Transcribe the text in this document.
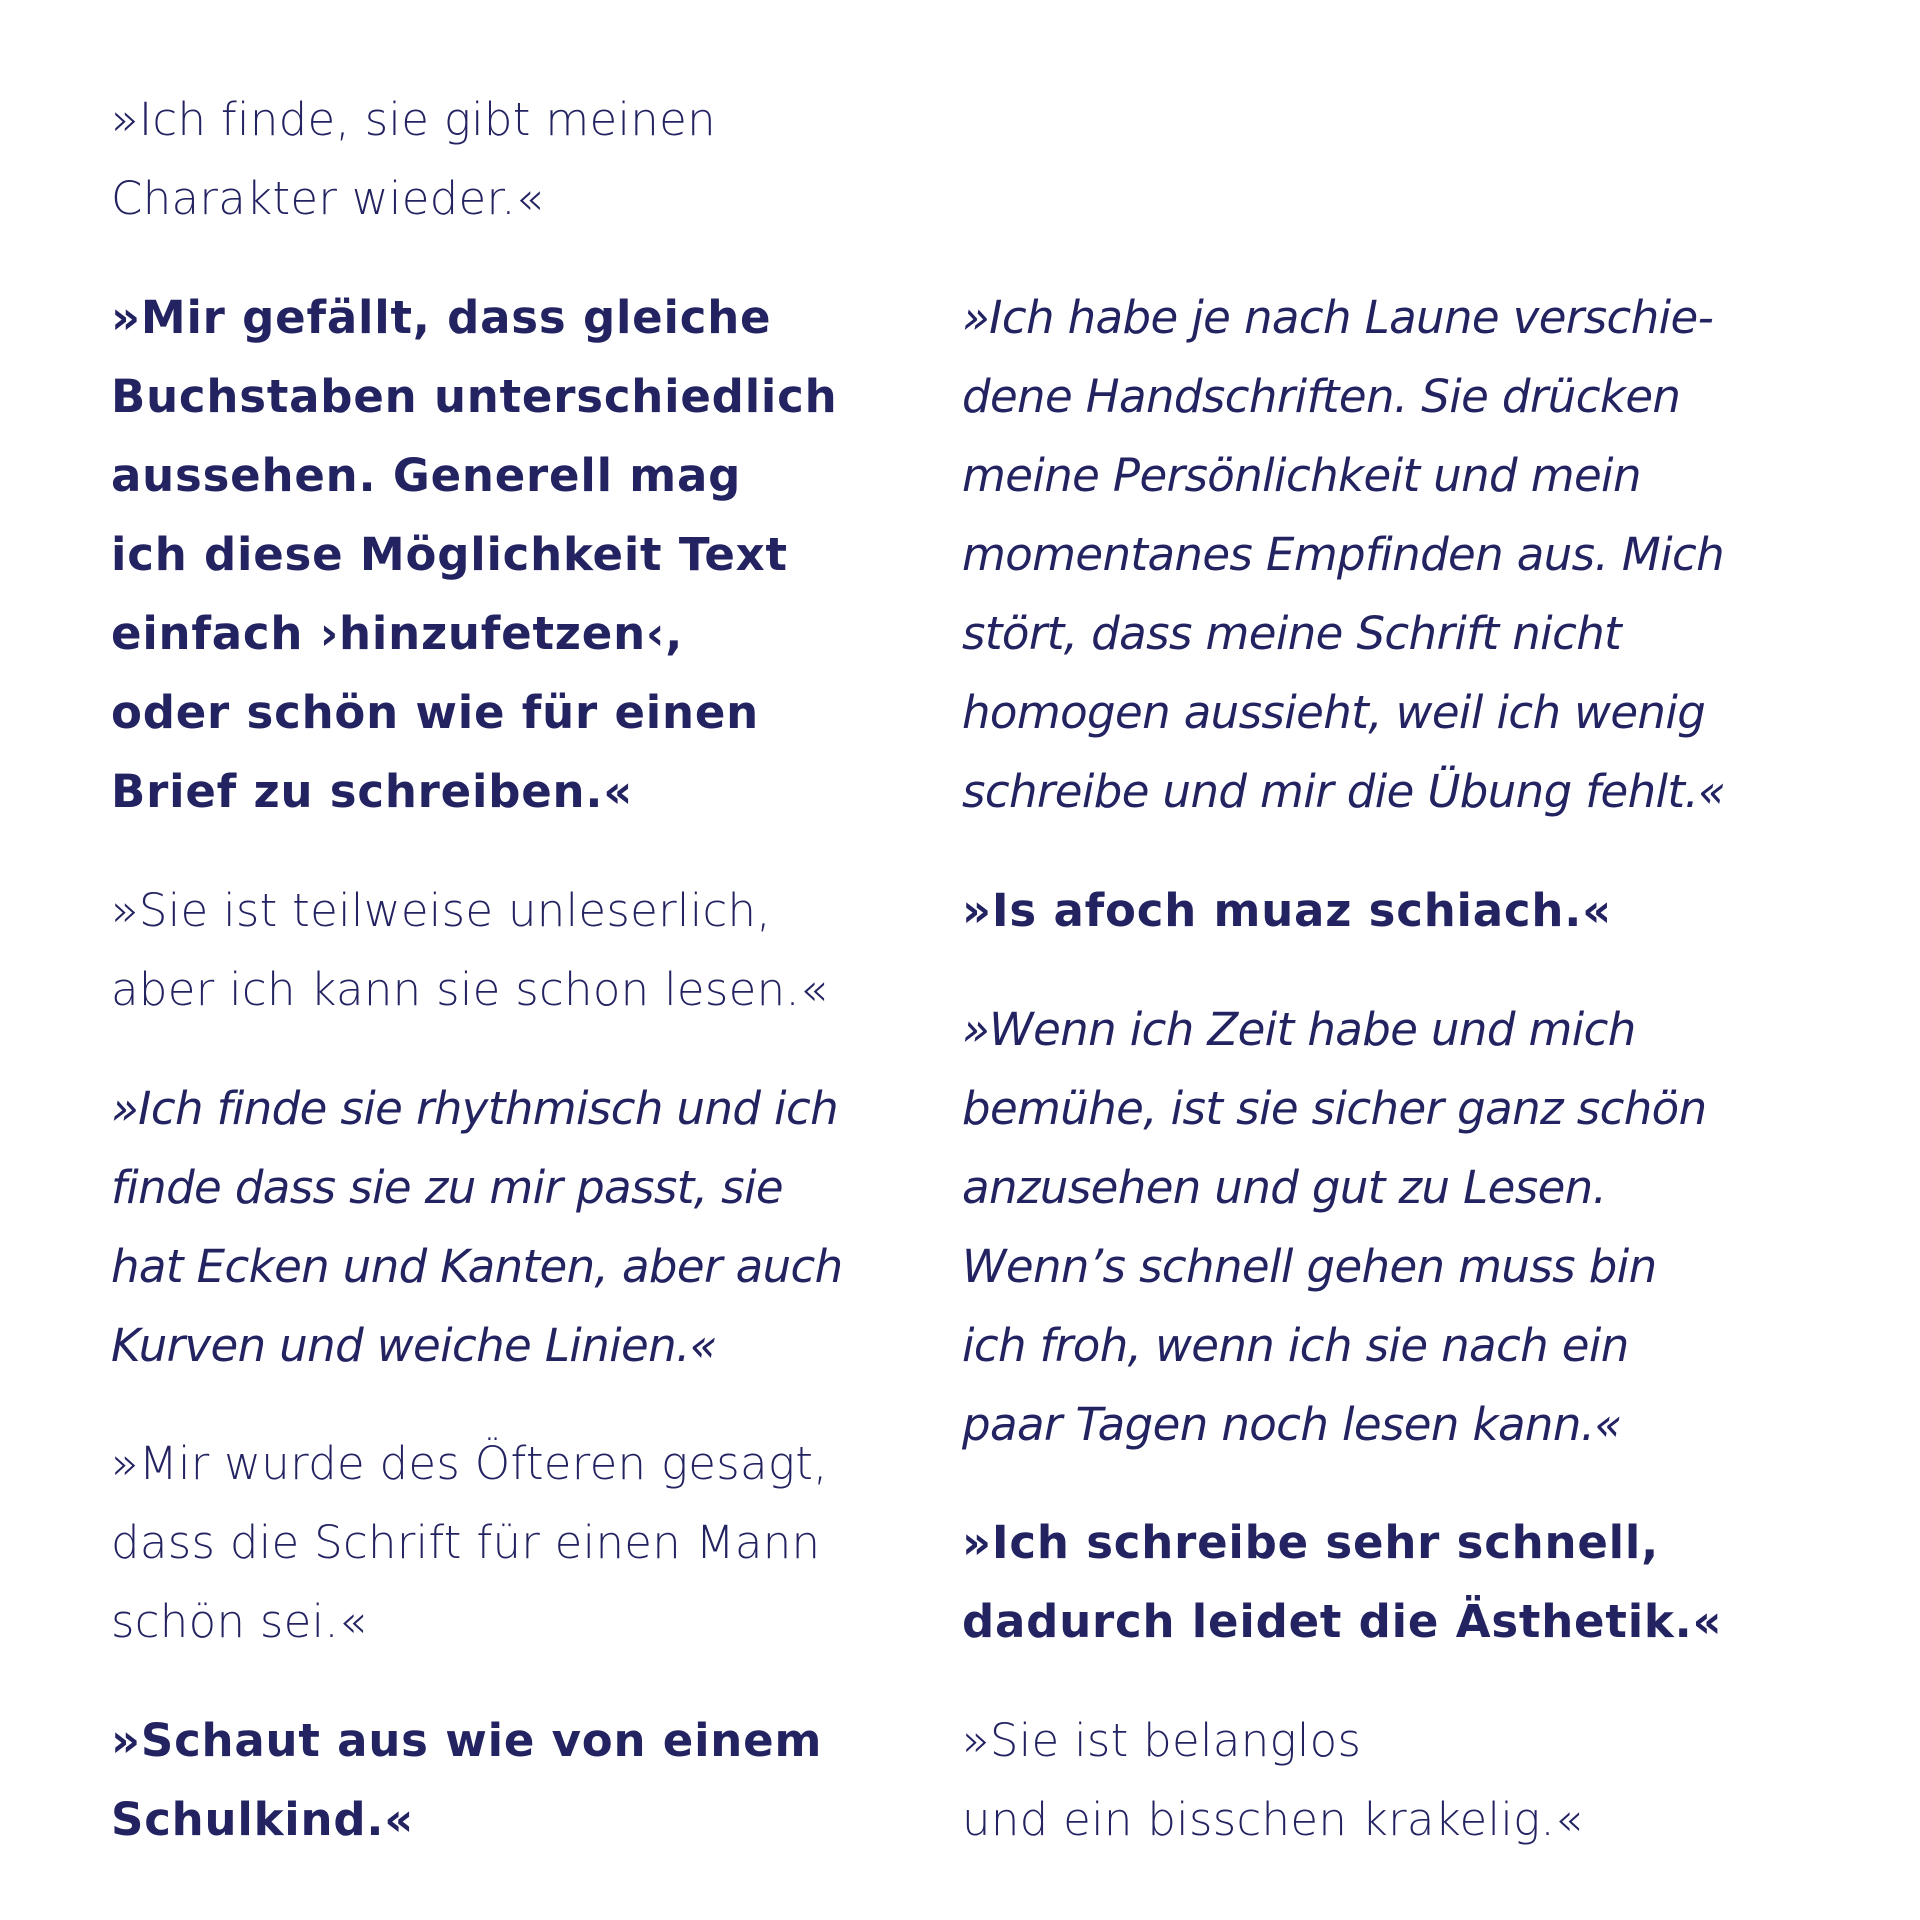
»Ich finde, sie gibt meinen
Charakter wieder.«

»Mir gefällt, dass gleiche
Buchstaben unterschiedlich
aussehen. Generell mag
ich diese Möglichkeit Text
einfach ›hinzufetzen‹,
oder schön wie für einen
Brief zu schreiben.«

»Ich habe je nach Laune verschie-
dene Handschriften. Sie drücken
meine Persönlichkeit und mein
momentanes Empfinden aus. Mich
stört, dass meine Schrift nicht
homogen aussieht, weil ich wenig
schreibe und mir die Übung fehlt.«

»Sie ist teilweise unleserlich,
aber ich kann sie schon lesen.«

»Is afoch muaz schiach.«

»Ich finde sie rhythmisch und ich
finde dass sie zu mir passt, sie
hat Ecken und Kanten, aber auch
Kurven und weiche Linien.«

»Wenn ich Zeit habe und mich
bemühe, ist sie sicher ganz schön
anzusehen und gut zu Lesen.
Wenn’s schnell gehen muss bin
ich froh, wenn ich sie nach ein
paar Tagen noch lesen kann.«

»Mir wurde des Öfteren gesagt,
dass die Schrift für einen Mann
schön sei.«

»Ich schreibe sehr schnell,
dadurch leidet die Ästhetik.«

»Schaut aus wie von einem
Schulkind.«

»Sie ist belanglos
und ein bisschen krakelig.«
